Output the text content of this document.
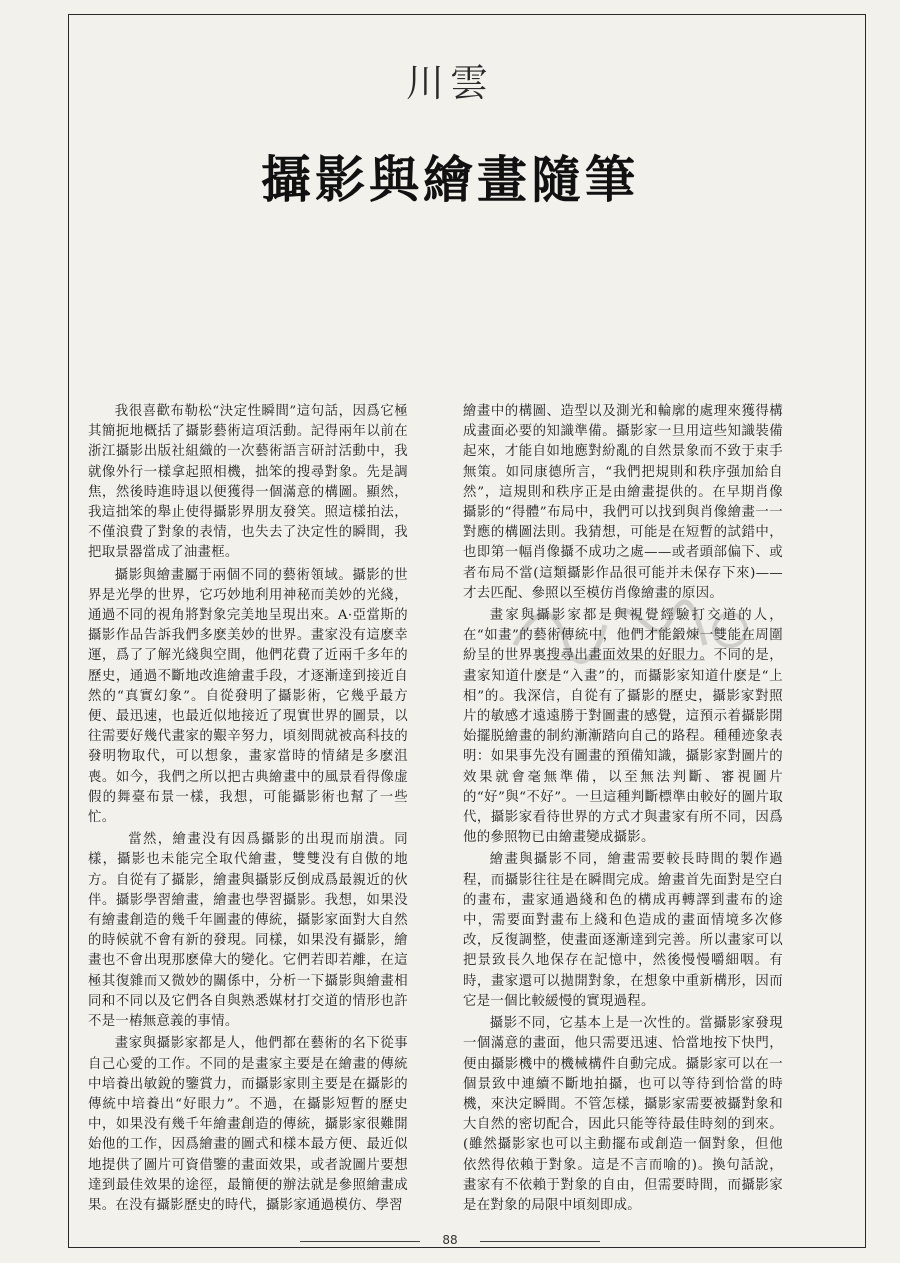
川雲
攝影與繪畫隨筆

我很喜歡布勒松“決定性瞬間”這句話，因爲它極其簡扼地概括了攝影藝術這項活動。記得兩年以前在浙江攝影出版社組織的一次藝術語言研討活動中，我就像外行一樣拿起照相機，拙笨的搜尋對象。先是調焦，然後時進時退以便獲得一個滿意的構圖。顯然，我這拙笨的舉止使得攝影界朋友發笑。照這樣拍法，不僅浪費了對象的表情，也失去了決定性的瞬間，我把取景器當成了油畫框。

攝影與繪畫屬于兩個不同的藝術領域。攝影的世界是光學的世界，它巧妙地利用神秘而美妙的光綫，通過不同的視角將對象完美地呈現出來。A·亞當斯的攝影作品告訴我們多麽美妙的世界。畫家没有這麽幸運，爲了了解光綫與空間，他們花費了近兩千多年的歷史，通過不斷地改進繪畫手段，才逐漸達到接近自然的“真實幻象”。自從發明了攝影術，它幾乎最方便、最迅速，也最近似地接近了現實世界的圖景，以往需要好幾代畫家的艱辛努力，頃刻間就被高科技的發明物取代，可以想象，畫家當時的情緒是多麽沮喪。如今，我們之所以把古典繪畫中的風景看得像虚假的舞臺布景一樣，我想，可能攝影術也幫了一些忙。

當然，繪畫没有因爲攝影的出現而崩潰。同樣，攝影也未能完全取代繪畫，雙雙没有自傲的地方。自從有了攝影，繪畫與攝影反倒成爲最親近的伙伴。攝影學習繪畫，繪畫也學習攝影。我想，如果没有繪畫創造的幾千年圖畫的傳統，攝影家面對大自然的時候就不會有新的發現。同樣，如果没有攝影，繪畫也不會出現那麽偉大的變化。它們若即若離，在這極其復雜而又微妙的關係中，分析一下攝影與繪畫相同和不同以及它們各自與熟悉媒材打交道的情形也許不是一樁無意義的事情。

畫家與攝影家都是人，他們都在藝術的名下從事自己心愛的工作。不同的是畫家主要是在繪畫的傳統中培養出敏銳的鑒賞力，而攝影家則主要是在攝影的傳統中培養出“好眼力”。不過，在攝影短暫的歷史中，如果没有幾千年繪畫創造的傳統，攝影家很難開始他的工作，因爲繪畫的圖式和樣本最方便、最近似地提供了圖片可資借鑒的畫面效果，或者說圖片要想達到最佳效果的途徑，最簡便的辦法就是參照繪畫成果。在没有攝影歷史的時代，攝影家通過模仿、學習

繪畫中的構圖、造型以及測光和輪廓的處理來獲得構成畫面必要的知識準備。攝影家一旦用這些知識裝備起來，才能自如地應對紛亂的自然景象而不致于束手無策。如同康德所言，“我們把規則和秩序强加給自然”，這規則和秩序正是由繪畫提供的。在早期肖像攝影的“得體”布局中，我們可以找到與肖像繪畫一一對應的構圖法則。我猜想，可能是在短暫的試錯中，也即第一幅肖像攝不成功之處——或者頭部偏下、或者布局不當(這類攝影作品很可能并未保存下來)——才去匹配、參照以至模仿肖像繪畫的原因。

畫家與攝影家都是與視覺經驗打交道的人，在“如畫”的藝術傳統中，他們才能鍛煉一雙能在周圍紛呈的世界裏搜尋出畫面效果的好眼力。不同的是，畫家知道什麽是“入畫”的，而攝影家知道什麽是“上相”的。我深信，自從有了攝影的歷史，攝影家對照片的敏感才遠遠勝于對圖畫的感覺，這預示着攝影開始擺脱繪畫的制約漸漸踏向自己的路程。種種迹象表明：如果事先没有圖畫的預備知識，攝影家對圖片的效果就會毫無準備，以至無法判斷、審視圖片的“好”與“不好”。一旦這種判斷標準由較好的圖片取代，攝影家看待世界的方式才與畫家有所不同，因爲他的參照物已由繪畫變成攝影。

繪畫與攝影不同，繪畫需要較長時間的製作過程，而攝影往往是在瞬間完成。繪畫首先面對是空白的畫布，畫家通過綫和色的構成再轉譯到畫布的途中，需要面對畫布上綫和色造成的畫面情境多次修改，反復調整，使畫面逐漸達到完善。所以畫家可以把景致長久地保存在記憶中，然後慢慢嚼細咽。有時，畫家還可以拋開對象，在想象中重新構形，因而它是一個比較緩慢的實現過程。

攝影不同，它基本上是一次性的。當攝影家發現一個滿意的畫面，他只需要迅速、恰當地按下快門，便由攝影機中的機械構件自動完成。攝影家可以在一個景致中連續不斷地拍攝，也可以等待到恰當的時機，來決定瞬間。不管怎樣，攝影家需要被攝對象和大自然的密切配合，因此只能等待最佳時刻的到來。(雖然攝影家也可以主動擺布或創造一個對象，但他依然得依賴于對象。這是不言而喻的)。換句話說，畫家有不依賴于對象的自由，但需要時間，而攝影家是在對象的局限中頃刻即成。

88
